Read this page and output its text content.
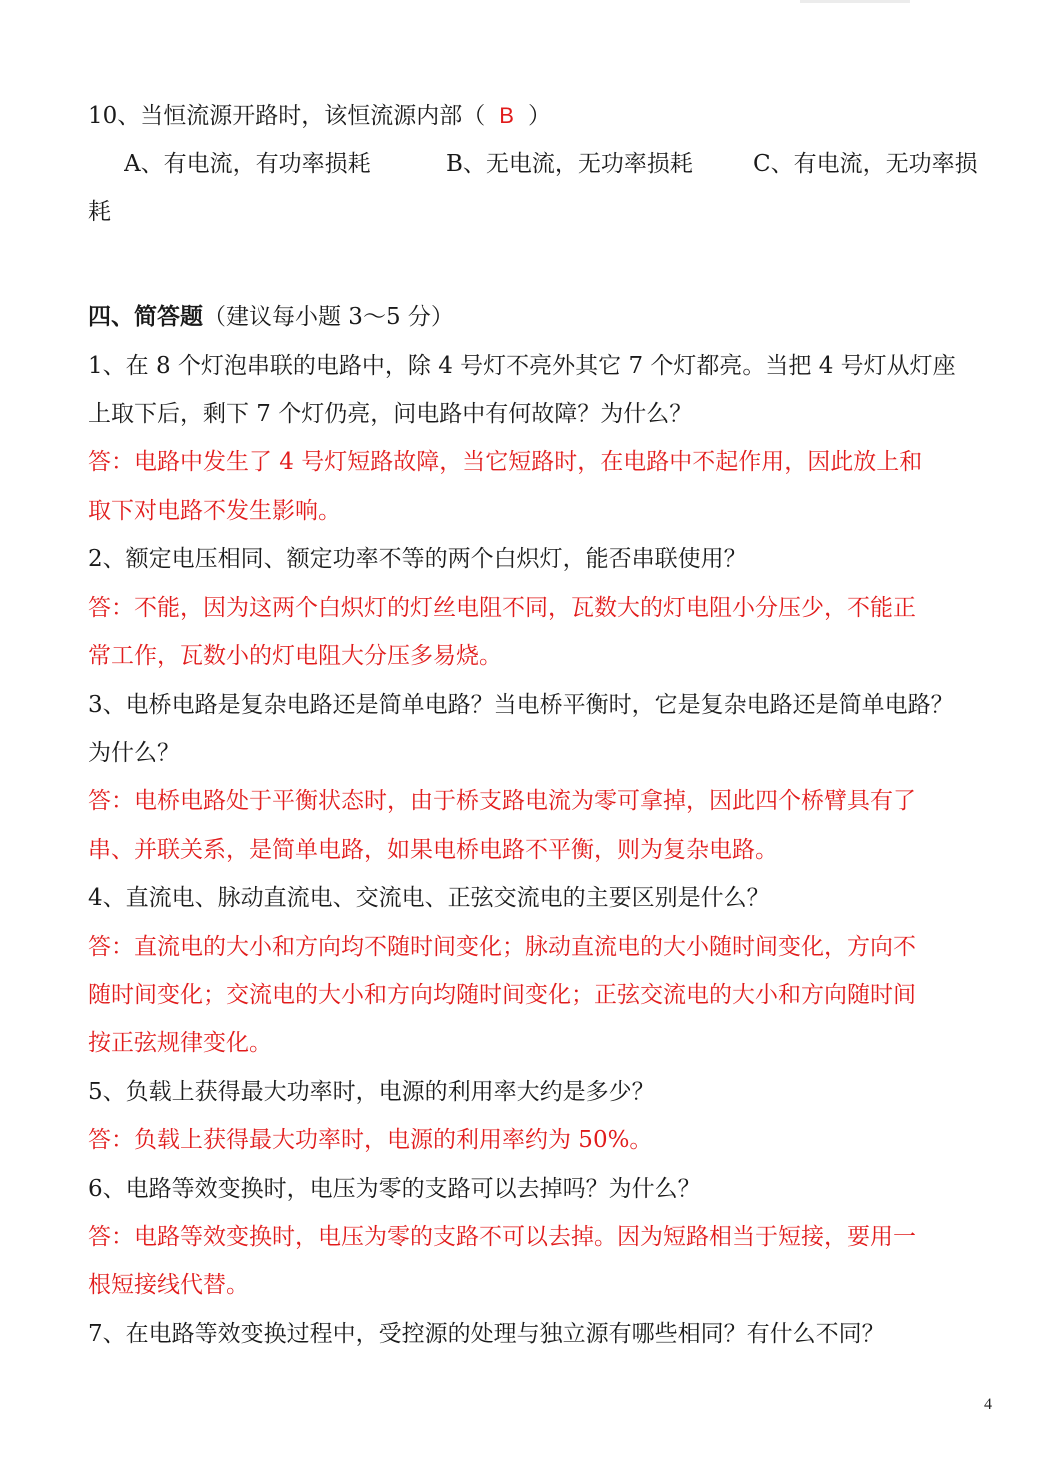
10、当恒流源开路时，该恒流源内部（ B ）
A、有电流，有功率损耗	B、无电流，无功率损耗	C、有电流，无功率损
耗
四、简答题（建议每小题 3～5 分）
1、在 8 个灯泡串联的电路中，除 4 号灯不亮外其它 7 个灯都亮。当把 4 号灯从灯座
上取下后，剩下 7 个灯仍亮，问电路中有何故障？为什么？
答：电路中发生了 4 号灯短路故障，当它短路时，在电路中不起作用，因此放上和
取下对电路不发生影响。
2、额定电压相同、额定功率不等的两个白炽灯，能否串联使用？
答：不能，因为这两个白炽灯的灯丝电阻不同，瓦数大的灯电阻小分压少，不能正
常工作，瓦数小的灯电阻大分压多易烧。
3、电桥电路是复杂电路还是简单电路？当电桥平衡时，它是复杂电路还是简单电路？
为什么？
答：电桥电路处于平衡状态时，由于桥支路电流为零可拿掉，因此四个桥臂具有了
串、并联关系，是简单电路，如果电桥电路不平衡，则为复杂电路。
4、直流电、脉动直流电、交流电、正弦交流电的主要区别是什么？
答：直流电的大小和方向均不随时间变化；脉动直流电的大小随时间变化，方向不
随时间变化；交流电的大小和方向均随时间变化；正弦交流电的大小和方向随时间
按正弦规律变化。
5、负载上获得最大功率时，电源的利用率大约是多少？
答：负载上获得最大功率时，电源的利用率约为 50%。
6、电路等效变换时，电压为零的支路可以去掉吗？为什么？
答：电路等效变换时，电压为零的支路不可以去掉。因为短路相当于短接，要用一
根短接线代替。
7、在电路等效变换过程中，受控源的处理与独立源有哪些相同？有什么不同？
4
